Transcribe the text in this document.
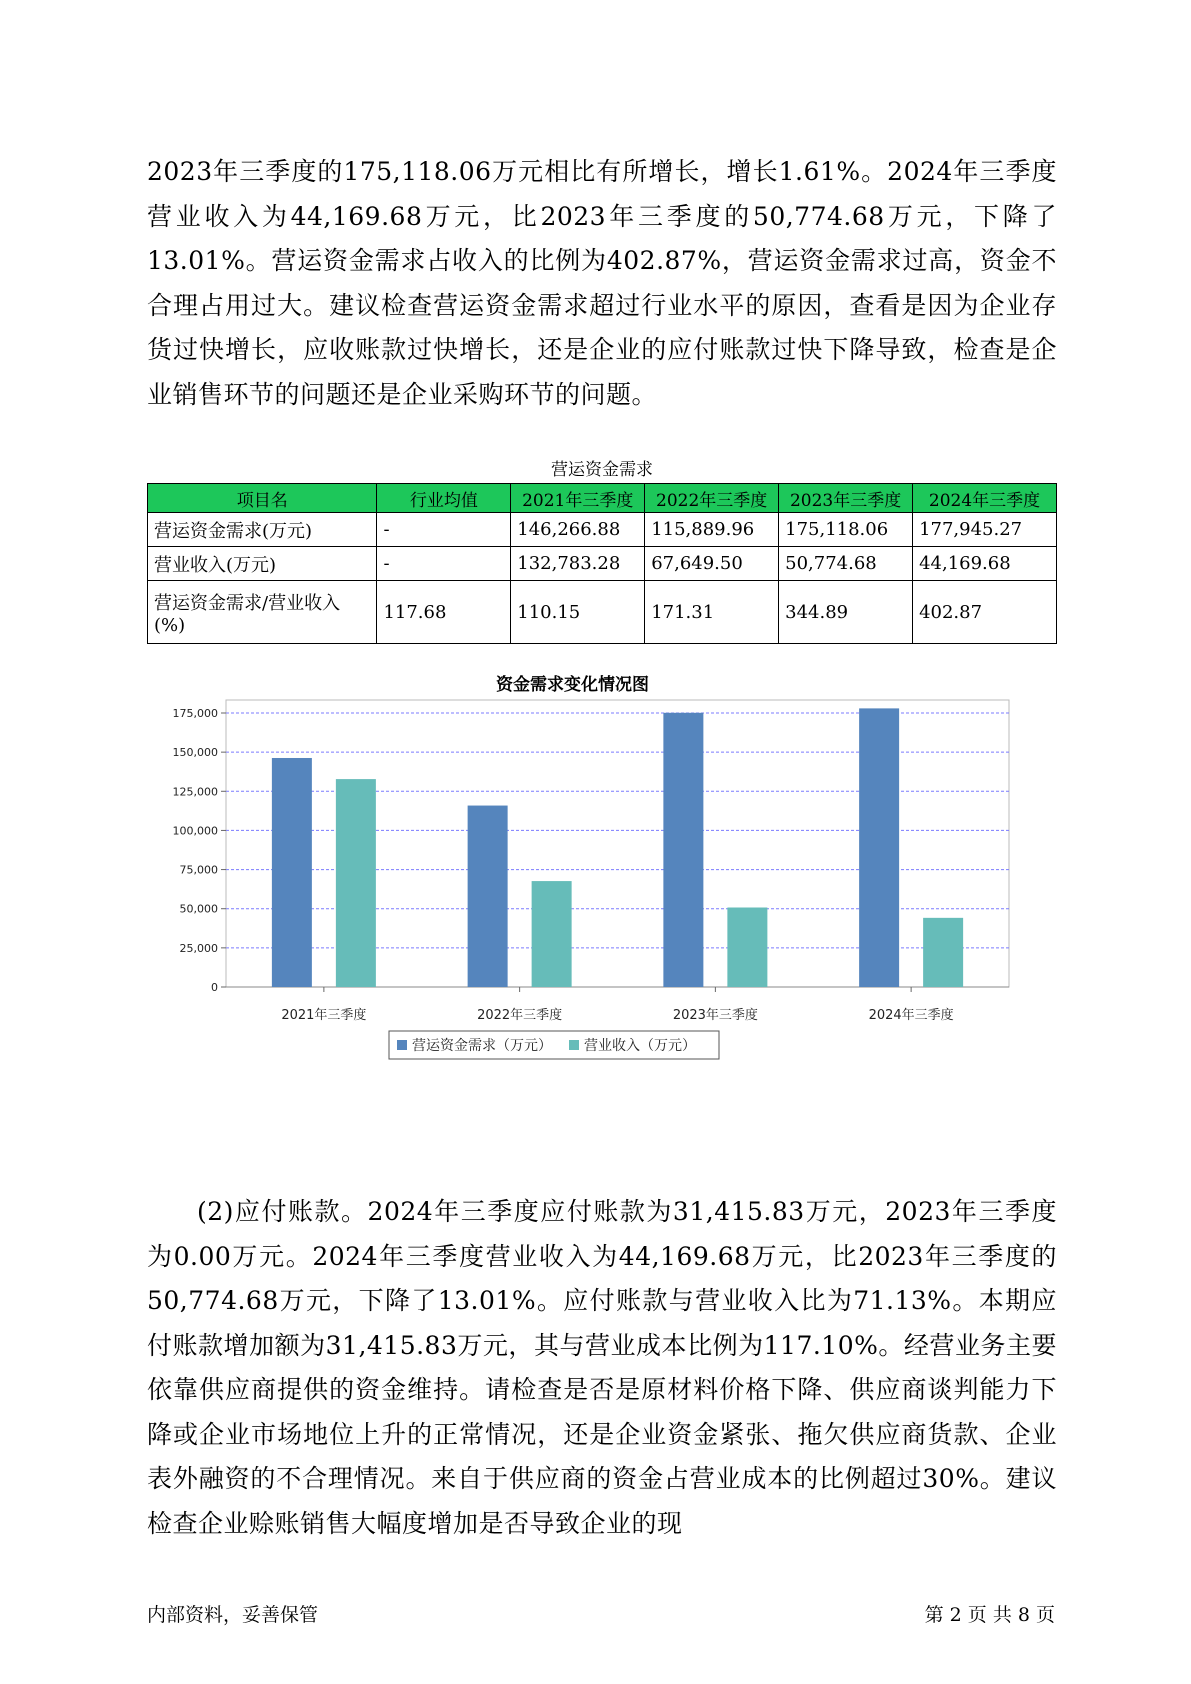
2023年三季度的175,118.06万元相比有所增长，增长1.61%。2024年三季度营业收入为44,169.68万元，比2023年三季度的50,774.68万元，下降了13.01%。营运资金需求占收入的比例为402.87%，营运资金需求过高，资金不合理占用过大。建议检查营运资金需求超过行业水平的原因，查看是因为企业存货过快增长，应收账款过快增长，还是企业的应付账款过快下降导致，检查是企业销售环节的问题还是企业采购环节的问题。

营运资金需求
项目名	行业均值	2021年三季度	2022年三季度	2023年三季度	2024年三季度
营运资金需求(万元)	-	146,266.88	115,889.96	175,118.06	177,945.27
营业收入(万元)	-	132,783.28	67,649.50	50,774.68	44,169.68
营运资金需求/营业收入(%)	117.68	110.15	171.31	344.89	402.87
资金需求变化情况图
0
25,000
50,000
75,000
100,000
125,000
150,000
175,000
2021年三季度	2022年三季度	2023年三季度	2024年三季度
营运资金需求（万元） 营业收入（万元）

(2)应付账款。2024年三季度应付账款为31,415.83万元，2023年三季度为0.00万元。2024年三季度营业收入为44,169.68万元，比2023年三季度的50,774.68万元，下降了13.01%。应付账款与营业收入比为71.13%。本期应付账款增加额为31,415.83万元，其与营业成本比例为117.10%。经营业务主要依靠供应商提供的资金维持。请检查是否是原材料价格下降、供应商谈判能力下降或企业市场地位上升的正常情况，还是企业资金紧张、拖欠供应商货款、企业表外融资的不合理情况。来自于供应商的资金占营业成本的比例超过30%。建议检查企业赊账销售大幅度增加是否导致企业的现

内部资料，妥善保管	第 2 页 共 8 页
